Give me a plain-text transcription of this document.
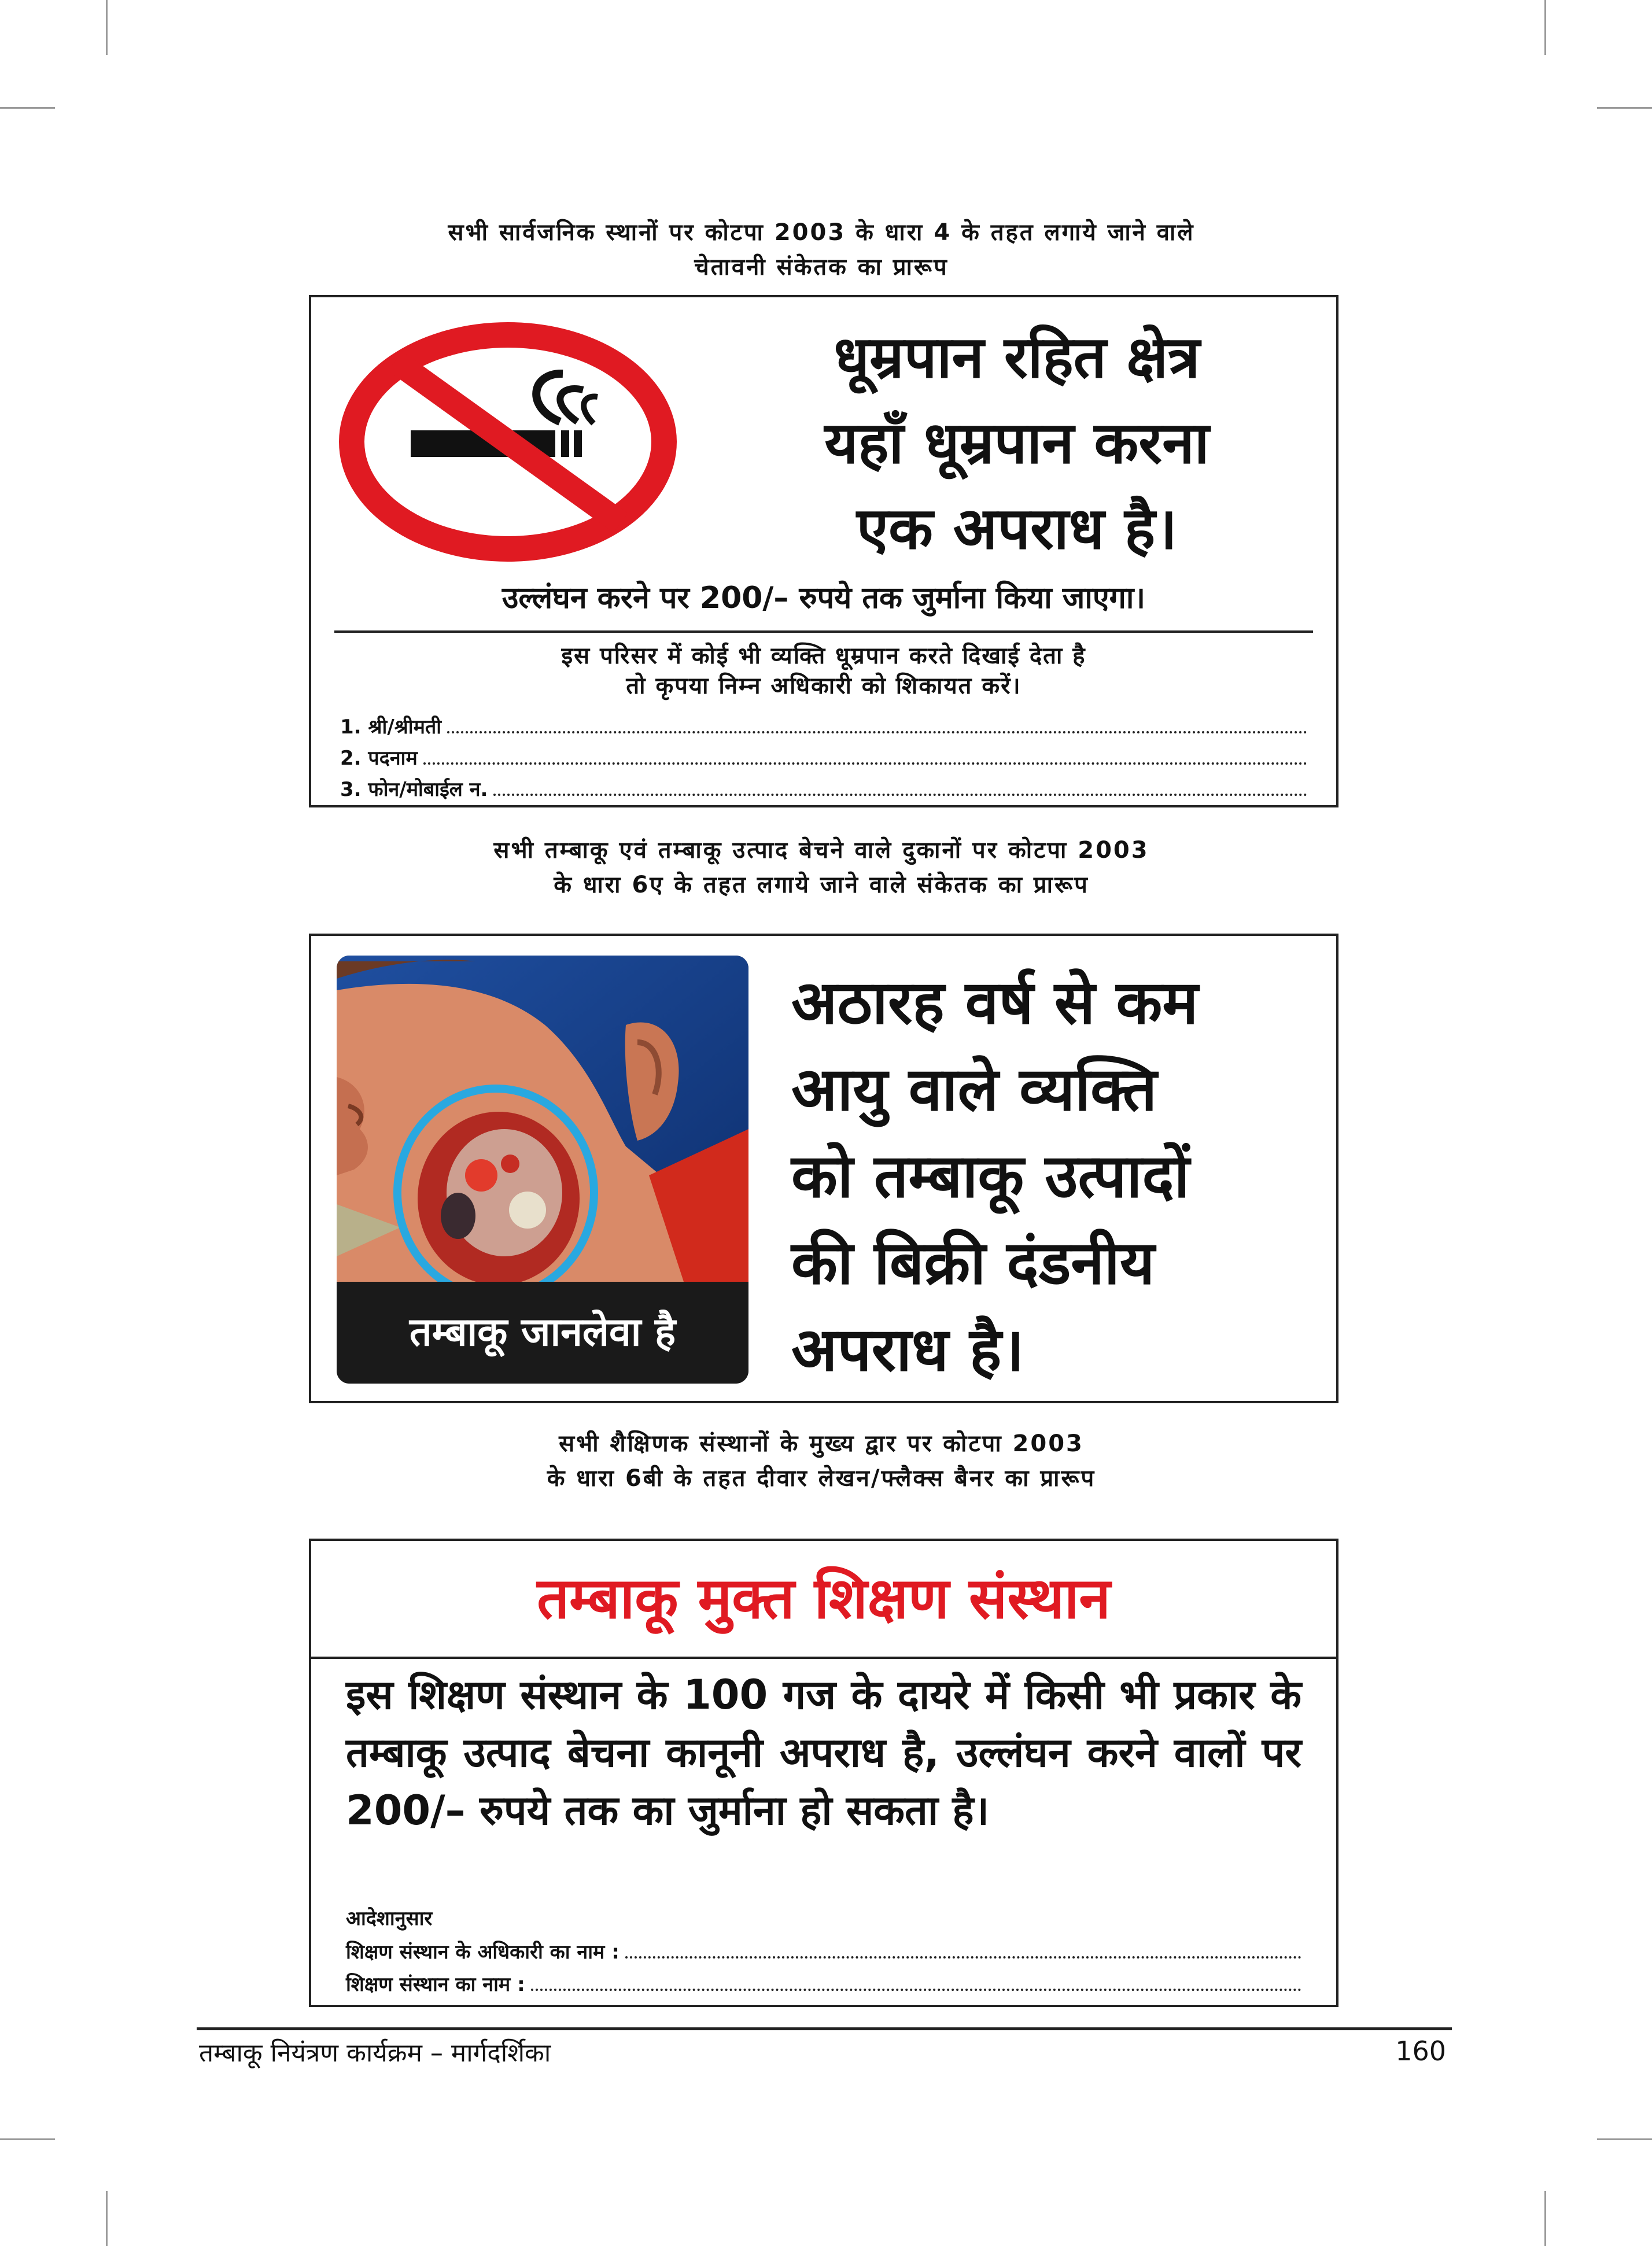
सभी सार्वजनिक स्थानों पर कोटपा 2003 के धारा 4 के तहत लगाये जाने वाले
चेतावनी संकेतक का प्रारूप
धूम्रपान रहित क्षेत्र
यहाँ धूम्रपान करना
एक अपराध है।
उल्लंघन करने पर 200/– रुपये तक जुर्माना किया जाएगा।
इस परिसर में कोई भी व्यक्ति धूम्रपान करते दिखाई देता है
तो कृपया निम्न अधिकारी को शिकायत करें।
1. श्री/श्रीमती
2. पदनाम
3. फोन/मोबाईल न.
सभी तम्बाकू एवं तम्बाकू उत्पाद बेचने वाले दुकानों पर कोटपा 2003
के धारा 6ए के तहत लगाये जाने वाले संकेतक का प्रारूप
तम्बाकू जानलेवा है
अठारह वर्ष से कम
आयु वाले व्यक्ति
को तम्बाकू उत्पादों
की बिक्री दंडनीय
अपराध है।
सभी शैक्षिणक संस्थानों के मुख्य द्वार पर कोटपा 2003
के धारा 6बी के तहत दीवार लेखन/फ्लैक्स बैनर का प्रारूप
तम्बाकू मुक्त शिक्षण संस्थान
इस शिक्षण संस्थान के 100 गज के दायरे में किसी भी प्रकार के तम्बाकू उत्पाद बेचना कानूनी अपराध है, उल्लंघन करने वालों पर 200/– रुपये तक का जुर्माना हो सकता है।
आदेशानुसार
शिक्षण संस्थान के अधिकारी का नाम :
शिक्षण संस्थान का नाम :
तम्बाकू नियंत्रण कार्यक्रम – मार्गदर्शिका	160
